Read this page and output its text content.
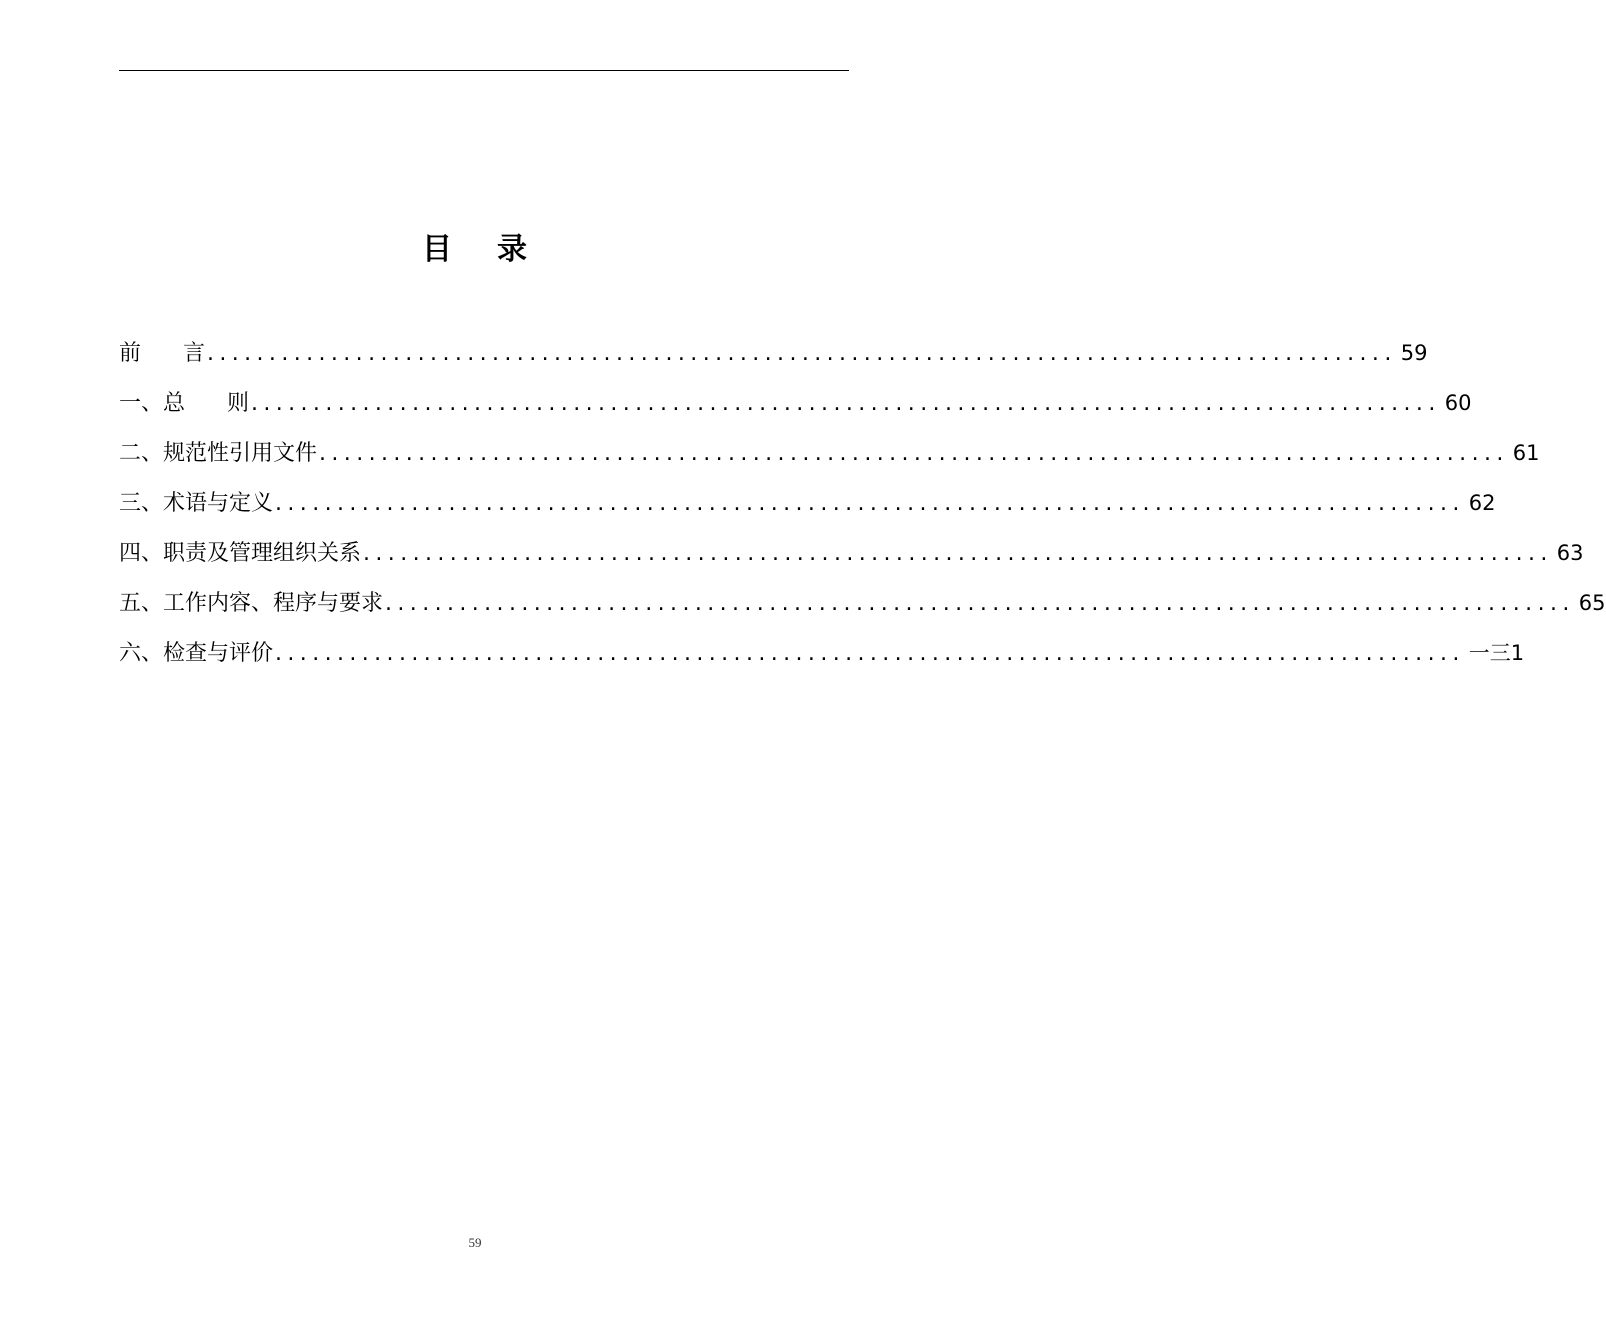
目 录
前      言 ................................................................................................ 59
一、总      则 ................................................................................................ 60
二、规范性引用文件 ................................................................................................ 61
三、术语与定义 ................................................................................................ 62
四、职责及管理组织关系 ................................................................................................ 63
五、工作内容、程序与要求 ................................................................................................ 65
六、检查与评价 ................................................................................................ 一三1
59
